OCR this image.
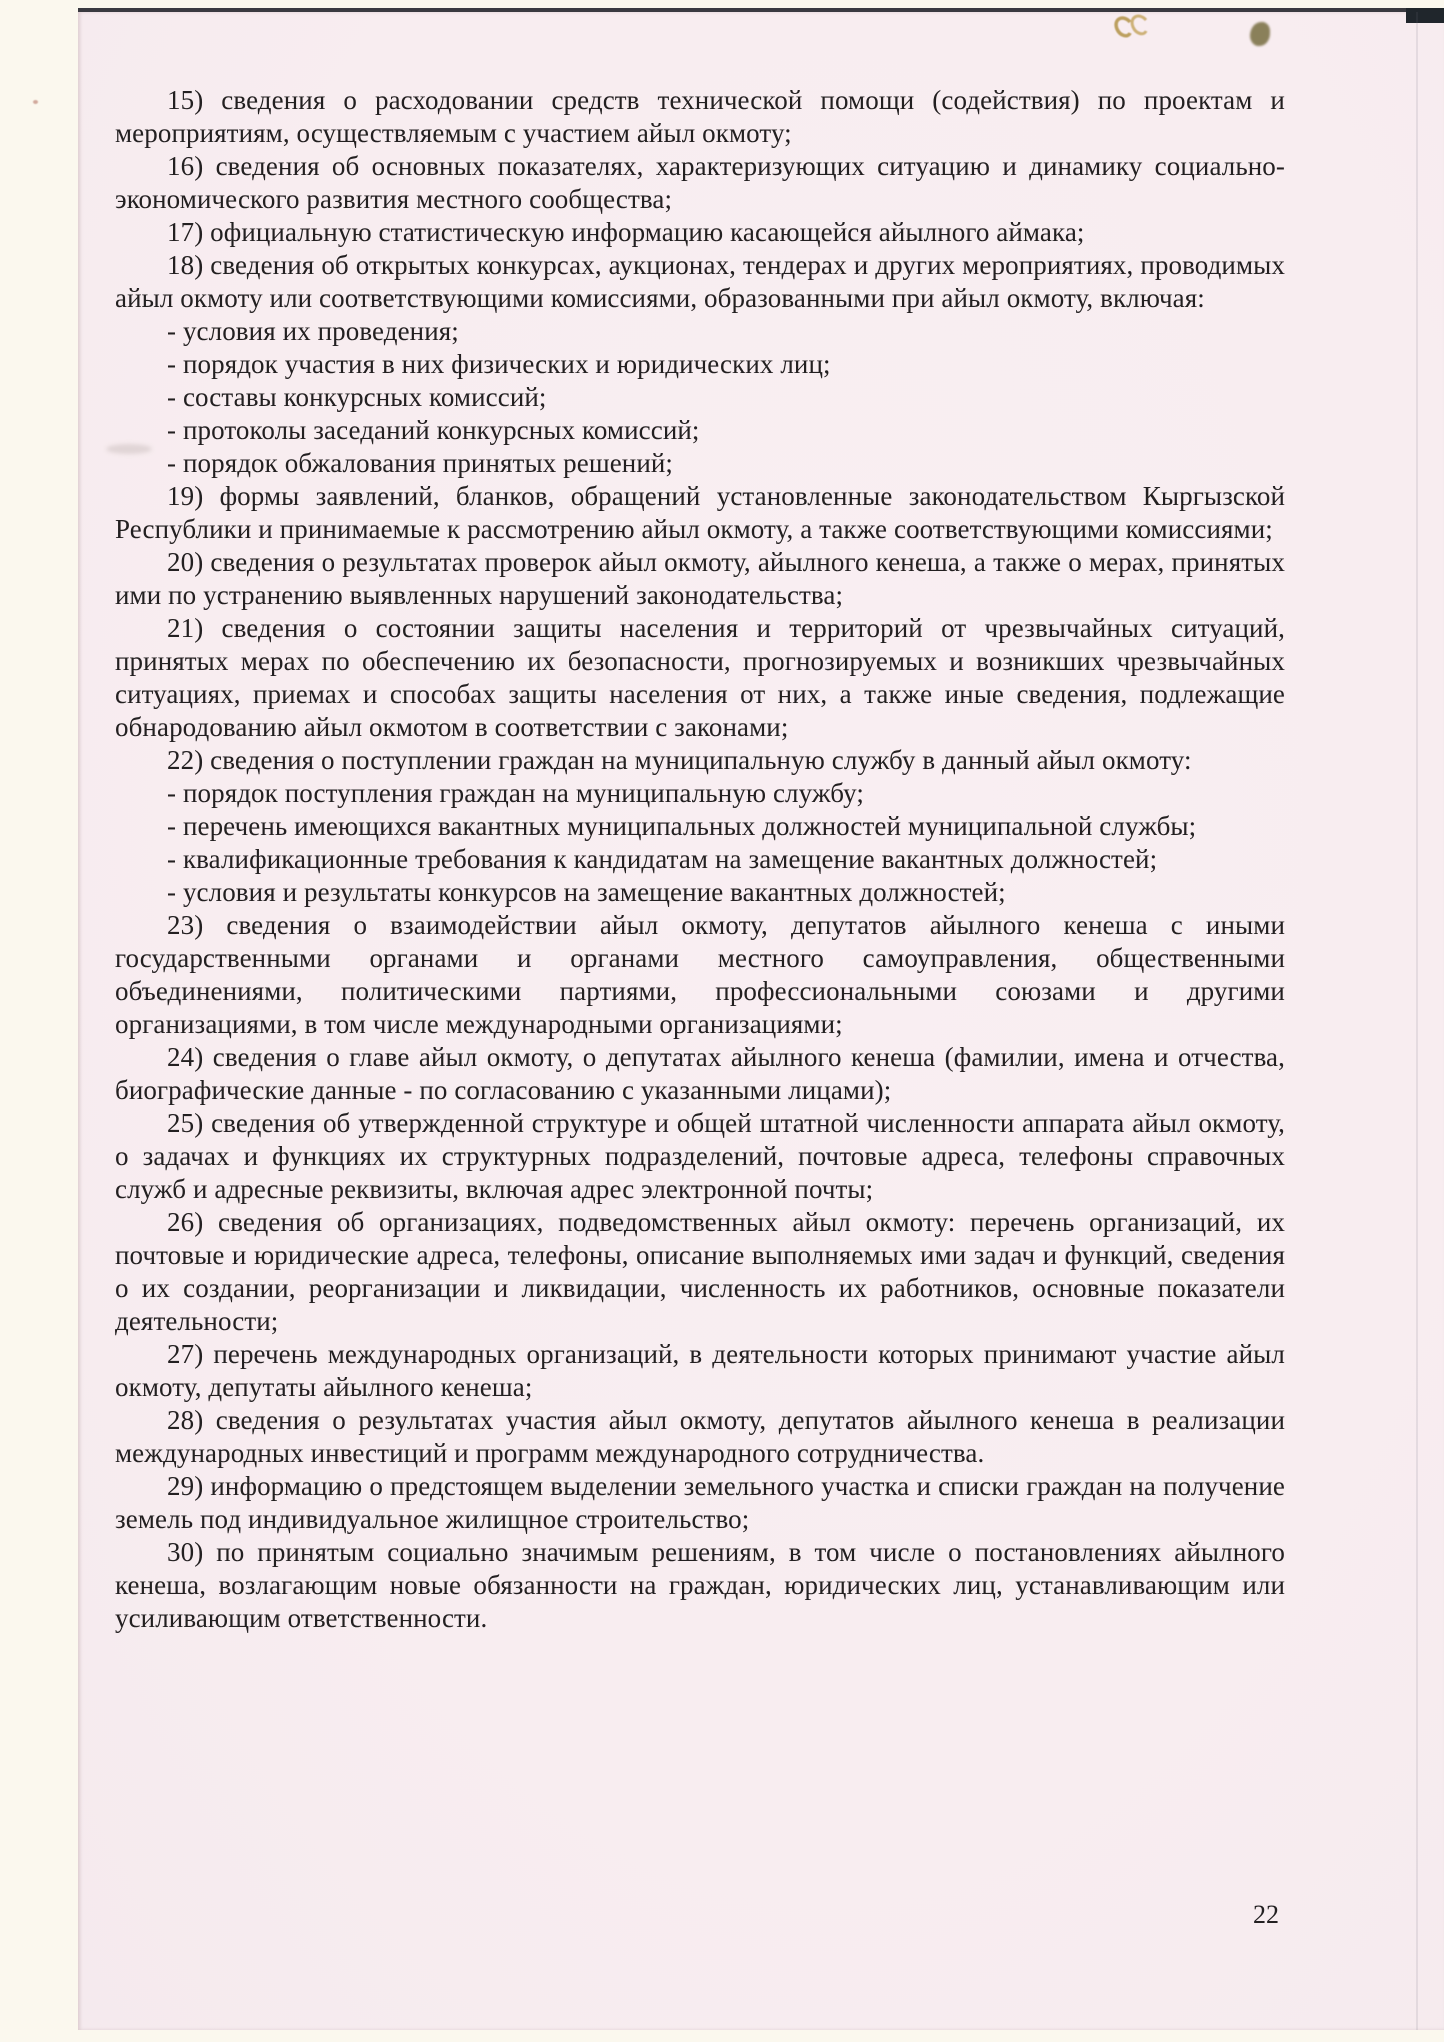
15) сведения о расходовании средств технической помощи (содействия) по проектам и мероприятиям, осуществляемым с участием айыл окмоту;

16) сведения об основных показателях, характеризующих ситуацию и динамику социально-экономического развития местного сообщества;

17) официальную статистическую информацию касающейся айылного аймака;

18) сведения об открытых конкурсах, аукционах, тендерах и других мероприятиях, проводимых айыл окмоту или соответствующими комиссиями, образованными при айыл окмоту, включая:

- условия их проведения;

- порядок участия в них физических и юридических лиц;

- составы конкурсных комиссий;

- протоколы заседаний конкурсных комиссий;

- порядок обжалования принятых решений;

19) формы заявлений, бланков, обращений установленные законодательством Кыргызской Республики и принимаемые к рассмотрению айыл окмоту, а также соответствующими комиссиями;

20) сведения о результатах проверок айыл окмоту, айылного кенеша, а также о мерах, принятых ими по устранению выявленных нарушений законодательства;

21) сведения о состоянии защиты населения и территорий от чрезвычайных ситуаций, принятых мерах по обеспечению их безопасности, прогнозируемых и возникших чрезвычайных ситуациях, приемах и способах защиты населения от них, а также иные сведения, подлежащие обнародованию айыл окмотом в соответствии с законами;

22) сведения о поступлении граждан на муниципальную службу в данный айыл окмоту:

- порядок поступления граждан на муниципальную службу;

- перечень имеющихся вакантных муниципальных должностей муниципальной службы;

- квалификационные требования к кандидатам на замещение вакантных должностей;

- условия и результаты конкурсов на замещение вакантных должностей;

23) сведения о взаимодействии айыл окмоту, депутатов айылного кенеша с иными государственными органами и органами местного самоуправления, общественными объединениями, политическими партиями, профессиональными союзами и другими организациями, в том числе международными организациями;

24) сведения о главе айыл окмоту, о депутатах айылного кенеша (фамилии, имена и отчества, биографические данные - по согласованию с указанными лицами);

25) сведения об утвержденной структуре и общей штатной численности аппарата айыл окмоту, о задачах и функциях их структурных подразделений, почтовые адреса, телефоны справочных служб и адресные реквизиты, включая адрес электронной почты;

26) сведения об организациях, подведомственных айыл окмоту: перечень организаций, их почтовые и юридические адреса, телефоны, описание выполняемых ими задач и функций, сведения о их создании, реорганизации и ликвидации, численность их работников, основные показатели деятельности;

27) перечень международных организаций, в деятельности которых принимают участие айыл окмоту, депутаты айылного кенеша;

28) сведения о результатах участия айыл окмоту, депутатов айылного кенеша в реализации международных инвестиций и программ международного сотрудничества.

29) информацию о предстоящем выделении земельного участка и списки граждан на получение земель под индивидуальное жилищное строительство;

30) по принятым социально значимым решениям, в том числе о постановлениях айылного кенеша, возлагающим новые обязанности на граждан, юридических лиц, устанавливающим или усиливающим ответственности.

22
